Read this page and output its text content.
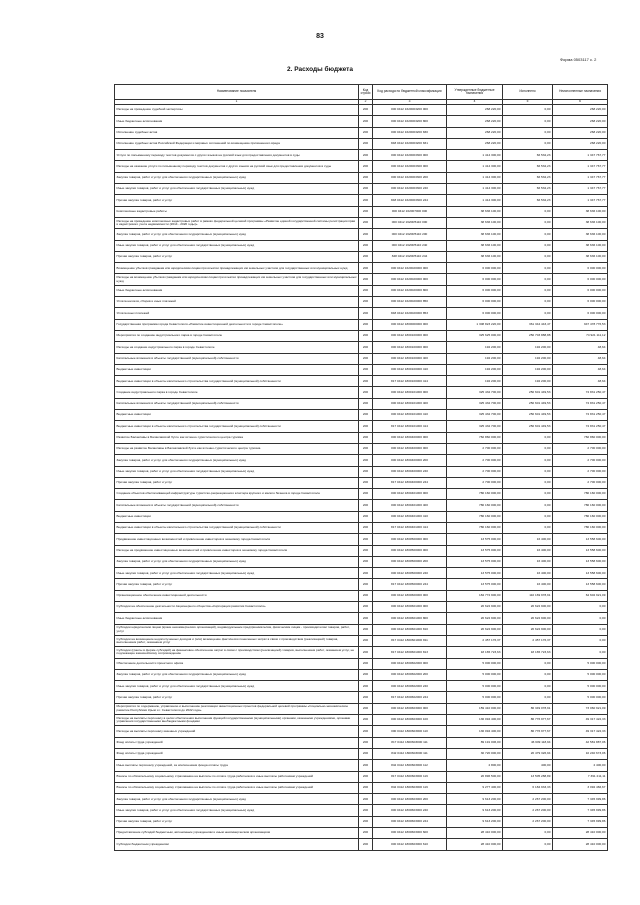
83
Форма 0503117 с. 2
2. Расходы бюджета
Наименование показателя	Код строки	Код расхода по бюджетной классификации	Утвержденные бюджетные назначения	Исполнено	Неисполненные назначения
1	2	3	4	5	6
Расходы на проведение судебной экспертизы	200	000 0412 1620003200 000	268 220,00	0,00	268 220,00
Иные бюджетные ассигнования	200	000 0412 1620003200 800	268 220,00	0,00	268 220,00
Исполнение судебных актов	200	000 0412 1620003200 830	268 220,00	0,00	268 220,00
Исполнение судебных актов Российской Федерации и мировых соглашений по возмещению причиненного вреда	200	848 0412 1620003200 831	268 220,00	0,00	268 220,00
Услуги по письменному переводу текстов документов с других языков на русский язык для предоставления документов в суды	200	000 0412 1620003300 000	1 414 300,00	66 532,23	1 347 767,77
Расходы на оказание услуги по письменному переводу текстов документов с других языков на русский язык для предоставления документов в суды	200	000 0412 1620003300 000	1 414 300,00	66 532,23	1 347 767,77
Закупка товаров, работ и услуг для обеспечения государственных (муниципальных) нужд	200	000 0412 1620003300 200	1 414 300,00	66 532,23	1 347 767,77
Иные закупки товаров, работ и услуг для обеспечения государственных (муниципальных) нужд	200	000 0412 1620003300 240	1 414 300,00	66 532,23	1 347 767,77
Прочая закупка товаров, работ и услуг	200	848 0412 1620003300 244	1 414 300,00	66 532,23	1 347 767,77
Комплексные кадастровые работы	200	000 0412 162007000 000	38 636 100,00	0,00	38 636 100,00
Расходы на проведение комплексных кадастровых работ в рамках федеральной целевой программы «Развитие единой государственной системы регистрации прав и кадастрового учета недвижимости (2014 - 2020 годы)»	200	000 0412 1620R5110 000	38 636 100,00	0,00	38 636 100,00
Закупка товаров, работ и услуг для обеспечения государственных (муниципальных) нужд	200	000 0412 1620R5110 200	38 636 100,00	0,00	38 636 100,00
Иные закупки товаров, работ и услуг для обеспечения государственных (муниципальных) нужд	200	000 0412 1620R5110 240	38 636 100,00	0,00	38 636 100,00
Прочая закупка товаров, работ и услуг	200	848 0412 1620R5110 244	38 636 100,00	0,00	38 636 100,00
Возмещение убытков гражданам или юридическим лицам при изъятии принадлежащих им земельных участков для государственных или муниципальных нужд	200	000 0412 1620020000 000	6 000 000,00	0,00	6 000 000,00
Расходы на возмещение убытков гражданам или юридическим лицам при изъятии принадлежащих им земельных участков для государственных или муниципальных нужд	200	000 0412 1620020000 000	6 000 000,00	0,00	6 000 000,00
Иные бюджетные ассигнования	200	000 0412 1620020000 800	6 000 000,00	0,00	6 000 000,00
Уплата налогов, сборов и иных платежей	200	000 0412 1620020000 850	6 000 000,00	0,00	6 000 000,00
Уплата иных платежей	200	848 0412 1620020000 853	6 000 000,00	0,00	6 000 000,00
Государственная программа города Севастополя «Развитие инвестиционной деятельности в городе Севастополе»	200	000 0412 1800000000 000	1 308 823 220,00	361 344 443,47	947 478 776,53
Мероприятия по созданию индустриального парка в городе Севастополе	200	000 0412 1800100000 000	325 625 000,00	250 703 888,88	74 921 111,12
Расходы на создание индустриального парка в городе Севастополе	200	000 0412 1800100000 000	192 200,00	192 200,00	48,64
Капитальные вложения в объекты государственной (муниципальной) собственности	200	000 0412 1800100000 400	192 200,00	192 200,00	48,64
Бюджетные инвестиции	200	000 0412 1800100000 410	192 200,00	192 200,00	48,64
Бюджетные инвестиции в объекты капитального строительства государственной (муниципальной) собственности	200	817 0412 1800100000 414	192 200,00	192 200,00	48,64
Создание индустриального парка в городе Севастополе	200	000 0412 1800101000 000	325 432 700,00	250 601 449,53	74 831 250,47
Капитальные вложения в объекты государственной (муниципальной) собственности	200	000 0412 1800101000 400	325 432 700,00	250 601 449,53	74 831 250,47
Бюджетные инвестиции	200	000 0412 1800101000 410	325 432 700,00	250 601 449,53	74 831 250,47
Бюджетные инвестиции в объекты капитального строительства государственной (муниципальной) собственности	200	817 0412 1800101000 414	325 432 700,00	250 601 449,53	74 831 250,47
Развитие Балаклавы в Балаклавской бухте как яхтенно-туристического центра туризма	200	000 0412 1800400000 000	782 860 000,00	0,00	782 860 000,00
Расходы на развитие Балаклавы в Балаклавской бухте как яхтенно-туристического центра туризма	200	000 0412 1800400000 000	2 700 000,00	0,00	2 700 000,00
Закупка товаров, работ и услуг для обеспечения государственных (муниципальных) нужд	200	000 0412 1800400000 200	2 700 000,00	0,00	2 700 000,00
Иные закупки товаров, работ и услуг для обеспечения государственных (муниципальных) нужд	200	000 0412 1800400000 240	2 700 000,00	0,00	2 700 000,00
Прочая закупка товаров, работ и услуг	200	817 0412 1800400000 244	2 700 000,00	0,00	2 700 000,00
Создание объектов обеспечивающей инфраструктуры туристско-рекреационного кластера крупного и малого бизнеса в городе Севастополе	200	000 0412 1800401000 000	780 160 000,00	0,00	780 160 000,00
Капитальные вложения в объекты государственной (муниципальной) собственности	200	000 0412 1800401000 400	780 160 000,00	0,00	780 160 000,00
Бюджетные инвестиции	200	000 0412 1800401000 410	780 160 000,00	0,00	780 160 000,00
Бюджетные инвестиции в объекты капитального строительства государственной (муниципальной) собственности	200	817 0412 1800401000 414	780 160 000,00	0,00	780 160 000,00
Продвижение инвестиционных возможностей и привлечение инвесторов в экономику города Севастополя	200	000 0412 1800500000 000	13 575 000,00	16 400,00	13 558 600,00
Расходы на продвижение инвестиционных возможностей и привлечение инвесторов в экономику города Севастополя	200	000 0412 1800500000 000	13 575 000,00	16 400,00	13 558 600,00
Закупка товаров, работ и услуг для обеспечения государственных (муниципальных) нужд	200	000 0412 1800500000 200	13 575 000,00	16 400,00	13 558 600,00
Иные закупки товаров, работ и услуг для обеспечения государственных (муниципальных) нужд	200	000 0412 1800500000 240	13 575 000,00	16 400,00	13 558 600,00
Прочая закупка товаров, работ и услуг	200	817 0412 1800500000 244	13 575 000,00	16 400,00	13 558 600,00
Организационное обеспечение инвестиционной деятельности	200	000 0412 1800600000 000	184 772 900,00	110 169 978,91	64 602 921,09
Субсидии на обеспечение деятельности Акционерного общества «Корпорация развития Севастополя»	200	000 0412 1800601000 000	20 622 900,00	20 622 900,00	0,00
Иные бюджетные ассигнования	200	000 0412 1800601000 800	20 622 900,00	20 622 900,00	0,00
Субсидии юридическим лицам (кроме некоммерческих организаций), индивидуальным предпринимателям, физическим лицам - производителям товаров, работ, услуг	200	000 0412 1800601000 810	20 622 900,00	20 622 900,00	0,00
Субсидии на возмещение недополученных доходов и (или) возмещение фактически понесенных затрат в связи с производством (реализацией) товаров, выполнением работ, оказанием услуг	200	817 0412 1800601000 811	2 457 176,37	2 457 176,37	0,00
Субсидии (гранты в форме субсидий) на финансовое обеспечение затрат в связи с производством (реализацией) товаров, выполнением работ, оказанием услуг, не подлежащие казначейскому сопровождению	200	817 0412 1800601000 813	18 165 723,63	18 165 723,63	0,00
Обеспечение деятельности проектного офиса	200	000 0412 1800602000 000	5 000 000,00	0,00	5 000 000,00
Закупка товаров, работ и услуг для обеспечения государственных (муниципальных) нужд	200	000 0412 1800602000 200	5 000 000,00	0,00	5 000 000,00
Иные закупки товаров, работ и услуг для обеспечения государственных (муниципальных) нужд	200	000 0412 1800602000 240	5 000 000,00	0,00	5 000 000,00
Прочая закупка товаров, работ и услуг	200	817 0412 1800602000 244	5 000 000,00	0,00	5 000 000,00
Мероприятия по содержанию, управлению и выполнению реализации инвестиционных проектов федеральной целевой программы «Социально-экономическое развитие Республики Крым и г. Севастополя до 2022 года»	200	000 0412 1800603000 000	159 410 000,00	86 349 078,91	73 060 921,09
Расходы на выплаты персоналу в целях обеспечения выполнения функций государственными (муниципальными) органами, казенными учреждениями, органами управления государственными внебюджетными фондами	200	000 0412 1800603000 100	136 094 400,00	86 776 977,67	49 317 422,33
Расходы на выплаты персоналу казенных учреждений	200	000 0412 1800603000 110	136 094 400,00	86 776 977,67	49 317 422,33
Фонд оплаты труда учреждений	200	817 0412 1800603000 111	89 191 006,00	46 609 118,94	42 581 887,06
Фонд оплаты труда учреждений	200	842 0412 1800603000 111	30 720 000,00	20 479 326,94	10 240 673,06
Иные выплаты персоналу учреждений, за исключением фонда оплаты труда	200	842 0412 1800603000 112	2 800,00	400,00	2 400,00
Взносы по обязательному социальному страхованию на выплаты по оплате труда работников и иные выплаты работникам учреждений	200	817 0412 1800603000 119	20 896 500,00	13 505 288,89	7 391 211,11
Взносы по обязательному социальному страхованию на выплаты по оплате труда работников и иные выплаты работникам учреждений	200	842 0412 1800603000 119	9 277 400,00	6 184 933,33	3 092 466,67
Закупка товаров, работ и услуг для обеспечения государственных (муниципальных) нужд	200	000 0412 1800603000 200	9 613 200,00	2 267 200,00	7 345 999,86
Иные закупки товаров, работ и услуг для обеспечения государственных (муниципальных) нужд	200	000 0412 1800603000 240	9 613 200,00	2 267 200,00	7 345 999,86
Прочая закупка товаров, работ и услуг	200	000 0412 1800603000 244	9 613 200,00	2 267 200,00	7 345 999,86
Предоставление субсидий бюджетным, автономным учреждениям и иным некоммерческим организациям	200	000 0412 1800603000 600	28 410 000,00	0,00	28 410 000,00
Субсидии бюджетным учреждениям	200	000 0412 1800603000 610	28 410 000,00	0,00	28 410 000,00
